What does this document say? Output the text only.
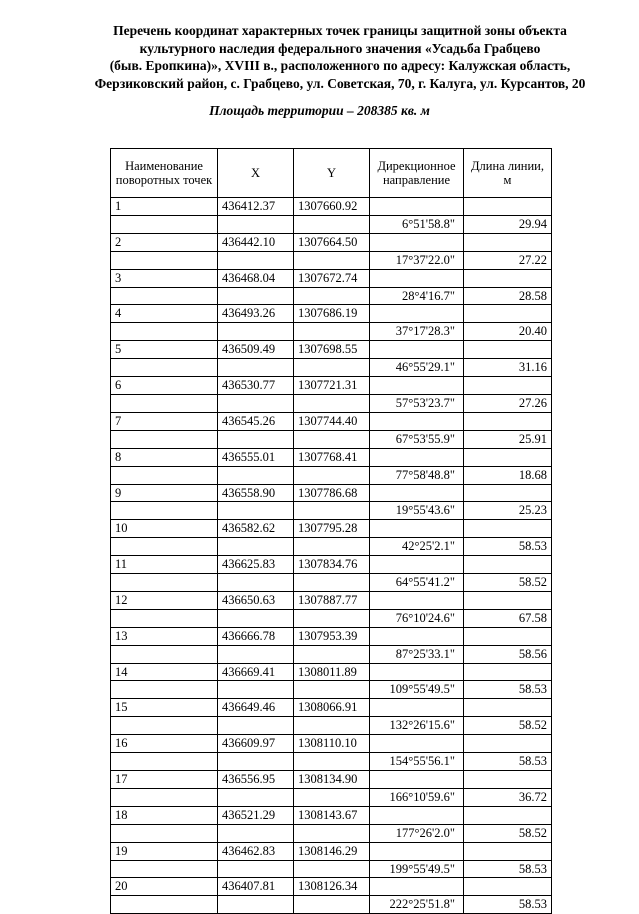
Перечень координат характерных точек границы защитной зоны объекта
культурного наследия федерального значения «Усадьба Грабцево
(быв. Еропкина)», XVIII в., расположенного по адресу: Калужская область,
Ферзиковский район, с. Грабцево, ул. Советская, 70, г. Калуга, ул. Курсантов, 20
Площадь территории – 208385 кв. м
Наименование поворотных точек	X	Y	Дирекционное направление	Длина линии, м
1	436412.37	1307660.92		
			6°51'58.8"	29.94
2	436442.10	1307664.50		
			17°37'22.0"	27.22
3	436468.04	1307672.74		
			28°4'16.7"	28.58
4	436493.26	1307686.19		
			37°17'28.3"	20.40
5	436509.49	1307698.55		
			46°55'29.1"	31.16
6	436530.77	1307721.31		
			57°53'23.7"	27.26
7	436545.26	1307744.40		
			67°53'55.9"	25.91
8	436555.01	1307768.41		
			77°58'48.8"	18.68
9	436558.90	1307786.68		
			19°55'43.6"	25.23
10	436582.62	1307795.28		
			42°25'2.1"	58.53
11	436625.83	1307834.76		
			64°55'41.2"	58.52
12	436650.63	1307887.77		
			76°10'24.6"	67.58
13	436666.78	1307953.39		
			87°25'33.1"	58.56
14	436669.41	1308011.89		
			109°55'49.5"	58.53
15	436649.46	1308066.91		
			132°26'15.6"	58.52
16	436609.97	1308110.10		
			154°55'56.1"	58.53
17	436556.95	1308134.90		
			166°10'59.6"	36.72
18	436521.29	1308143.67		
			177°26'2.0"	58.52
19	436462.83	1308146.29		
			199°55'49.5"	58.53
20	436407.81	1308126.34		
			222°25'51.8"	58.53
